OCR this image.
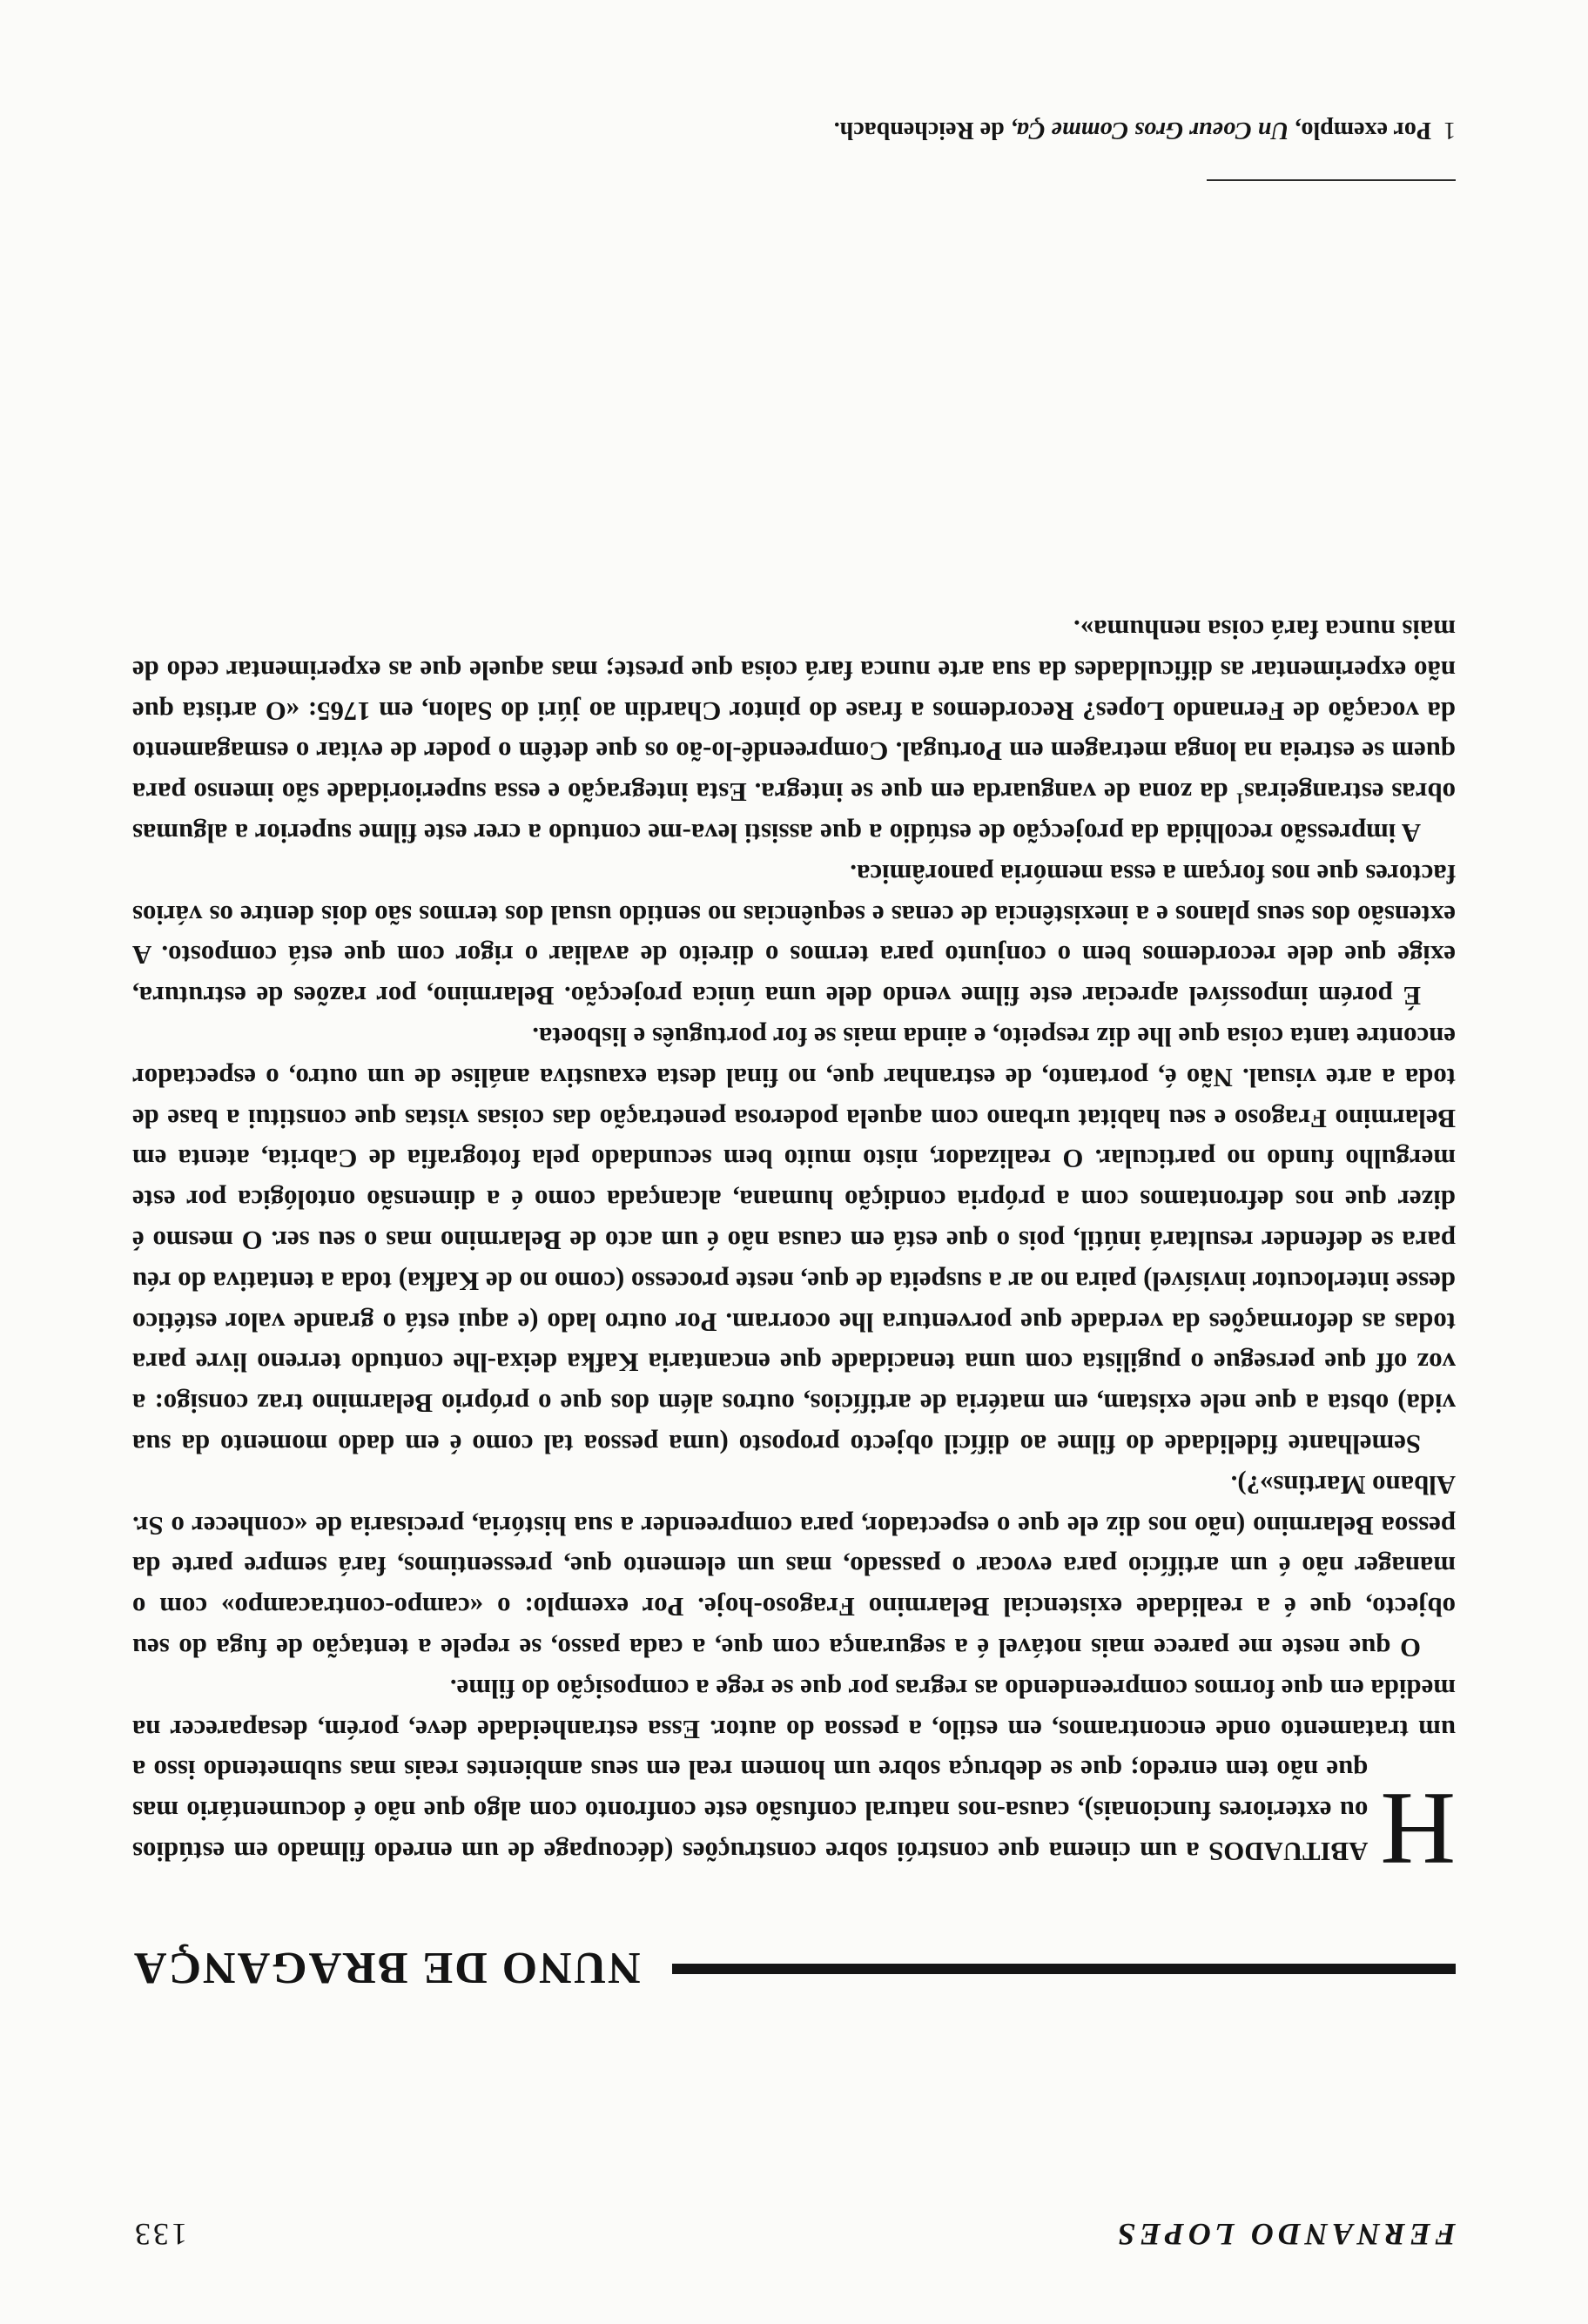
FERNANDO LOPES
133
NUNO DE BRAGANÇA

H
ABITUADOS a um cinema que constrói sobre construções (découpage de um enredo filmado em estúdios ou exteriores funcionais), causa-nos natural confusão este confronto com algo que não é documentário mas que não tem enredo; que se debruça sobre um homem real em seus ambientes reais mas submetendo isso a um tratamento onde encontramos, em estilo, a pessoa do autor. Essa estranheidade deve, porém, desaparecer na medida em que formos compreendendo as regras por que se rege a composição do filme.

O que neste me parece mais notável é a segurança com que, a cada passo, se repele a tentação de fuga do seu objecto, que é a realidade existencial Belarmino Fragoso-hoje. Por exemplo: o «campo-contracampo» com o manager não é um artifício para evocar o passado, mas um elemento que, pressentimos, fará sempre parte da pessoa Belarmino (não nos diz ele que o espectador, para compreender a sua história, precisaria de «conhecer o Sr. Albano Martins»?).

Semelhante fidelidade do filme ao difícil objecto proposto (uma pessoa tal como é em dado momento da sua vida) obsta a que nele existam, em matéria de artifícios, outros além dos que o próprio Belarmino traz consigo: a voz off que persegue o pugilista com uma tenacidade que encantaria Kafka deixa-lhe contudo terreno livre para todas as deformações da verdade que porventura lhe ocorram. Por outro lado (e aqui está o grande valor estético desse interlocutor invisível) paira no ar a suspeita de que, neste processo (como no de Kafka) toda a tentativa do réu para se defender resultará inútil, pois o que está em causa não é um acto de Belarmino mas o seu ser. O mesmo é dizer que nos defrontamos com a própria condição humana, alcançada como é a dimensão ontológica por este mergulho fundo no particular. O realizador, nisto muito bem secundado pela fotografia de Cabrita, atenta em Belarmino Fragoso e seu habitat urbano com aquela poderosa penetração das coisas vistas que constitui a base de toda a arte visual. Não é, portanto, de estranhar que, no final desta exaustiva análise de um outro, o espectador encontre tanta coisa que lhe diz respeito, e ainda mais se for português e lisboeta.

É porém impossível apreciar este filme vendo dele uma única projecção. Belarmino, por razões de estrutura, exige que dele recordemos bem o conjunto para termos o direito de avaliar o rigor com que está composto. A extensão dos seus planos e a inexistência de cenas e sequências no sentido usual dos termos são dois dentre os vários factores que nos forçam a essa memória panorâmica.

A impressão recolhida da projecção de estúdio a que assisti leva-me contudo a crer este filme superior a algumas obras estrangeiras$^1$ da zona de vanguarda em que se integra. Esta integração e essa superioridade são imenso para quem se estreia na longa metragem em Portugal. Compreendê-lo-ão os que detêm o poder de evitar o esmagamento da vocação de Fernando Lopes? Recordemos a frase do pintor Chardin ao júri do Salon, em 1765: «O artista que não experimentar as dificuldades da sua arte nunca fará coisa que preste; mas aquele que as experimentar cedo de mais nunca fará coisa nenhuma».

1Por exemplo, Un Coeur Gros Comme Ça, de Reichenbach.
